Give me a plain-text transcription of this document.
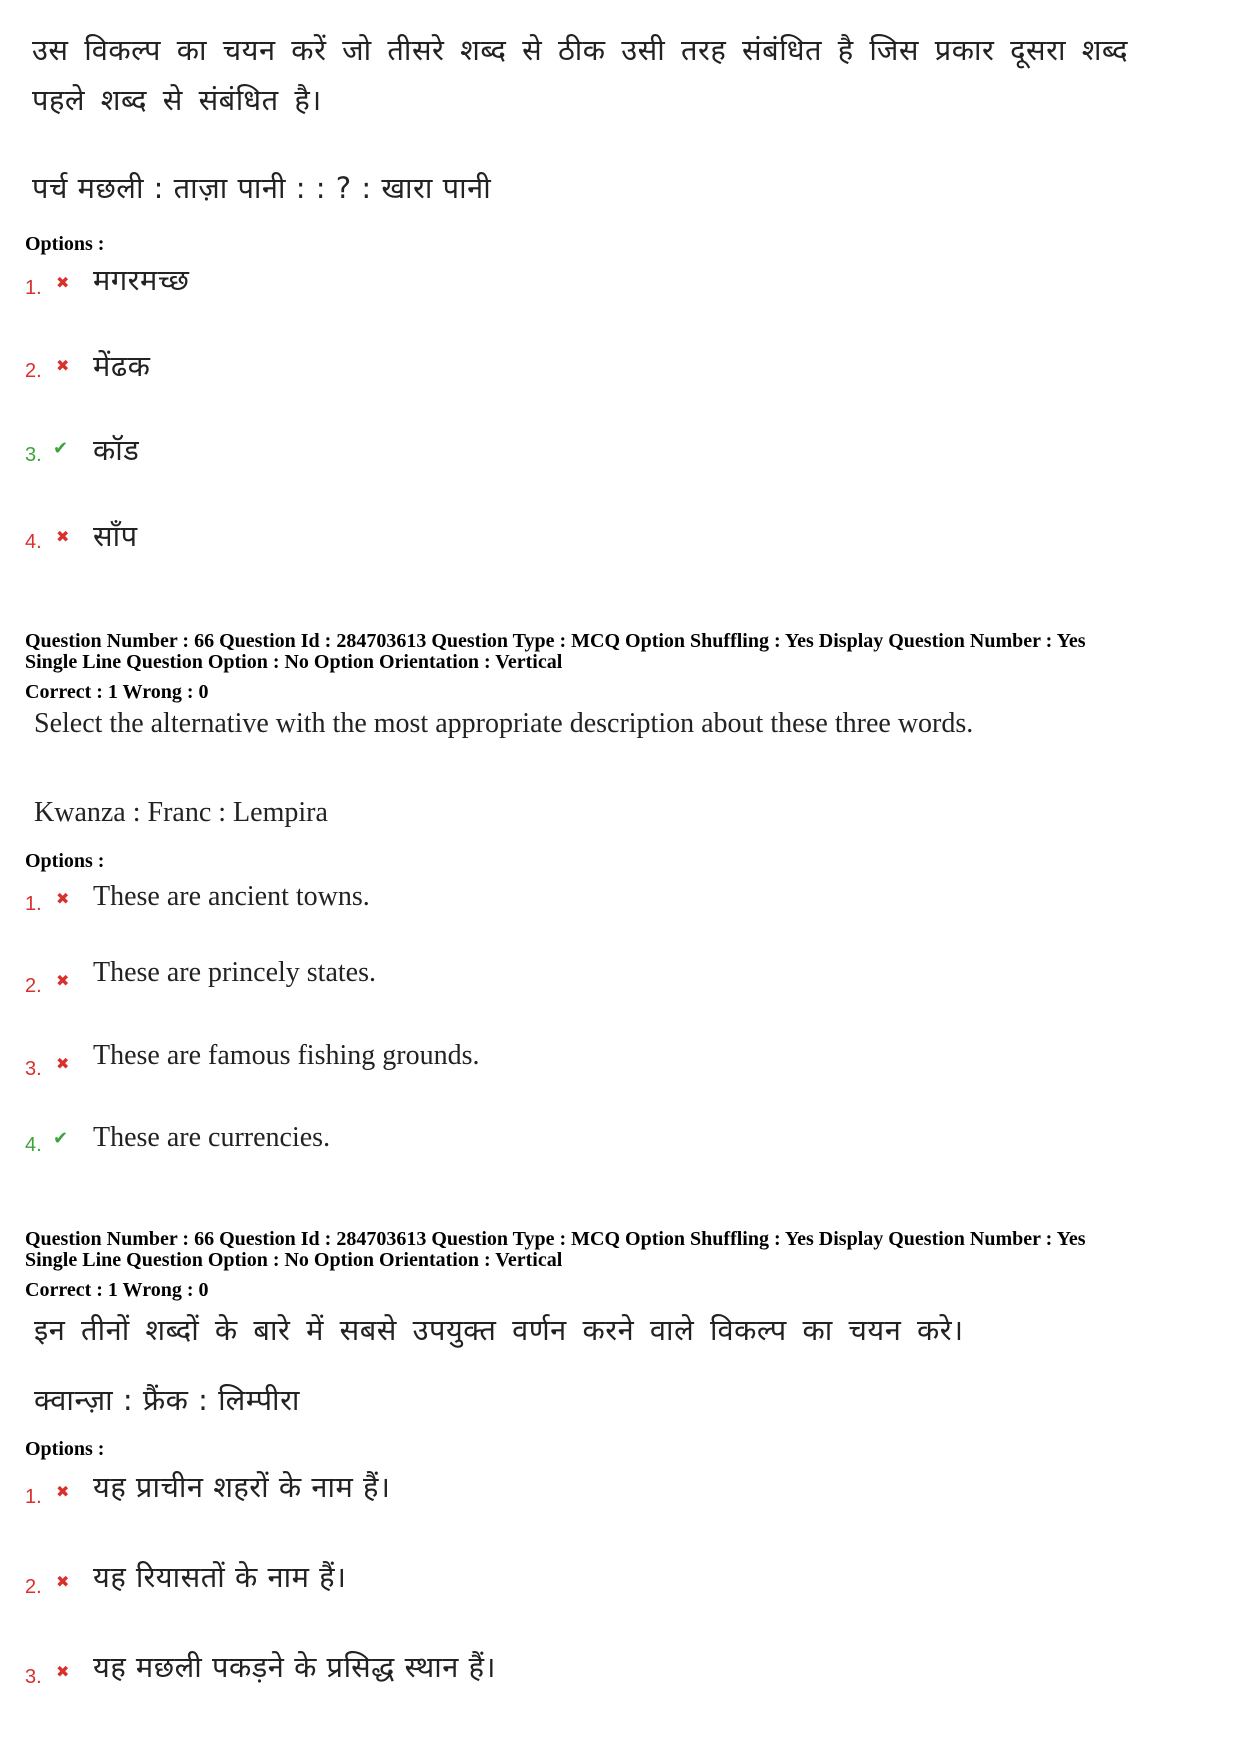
उस विकल्प का चयन करें जो तीसरे शब्द से ठीक उसी तरह संबंधित है जिस प्रकार दूसरा शब्द
पहले शब्द से संबंधित है।
पर्च मछली : ताज़ा पानी : : ? : खारा पानी
Options :
1. ✖ मगरमच्छ
2. ✖ मेंढक
3. ✔ कॉड
4. ✖ साँप
Question Number : 66 Question Id : 284703613 Question Type : MCQ Option Shuffling : Yes Display Question Number : Yes
Single Line Question Option : No Option Orientation : Vertical
Correct : 1 Wrong : 0
Select the alternative with the most appropriate description about these three words.
Kwanza : Franc : Lempira
Options :
1. ✖ These are ancient towns.
2. ✖ These are princely states.
3. ✖ These are famous fishing grounds.
4. ✔ These are currencies.
Question Number : 66 Question Id : 284703613 Question Type : MCQ Option Shuffling : Yes Display Question Number : Yes
Single Line Question Option : No Option Orientation : Vertical
Correct : 1 Wrong : 0
इन तीनों शब्दों के बारे में सबसे उपयुक्त वर्णन करने वाले विकल्प का चयन करे।
क्वान्ज़ा : फ्रैंक : लिम्पीरा
Options :
1. ✖ यह प्राचीन शहरों के नाम हैं।
2. ✖ यह रियासतों के नाम हैं।
3. ✖ यह मछली पकड़ने के प्रसिद्ध स्थान हैं।
